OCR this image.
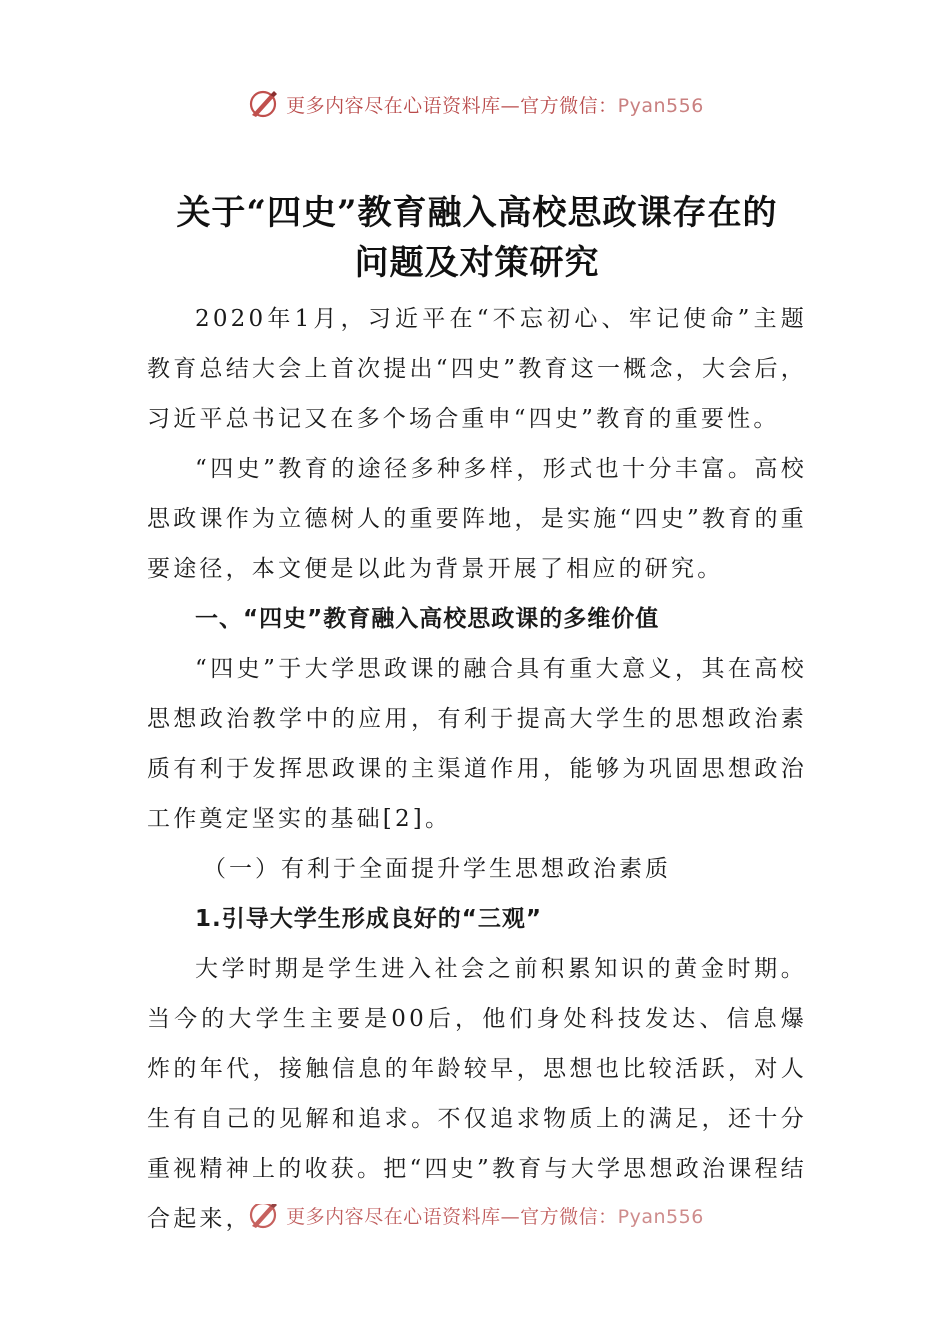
更多内容尽在心语资料库—官方微信：Pyan556
关于“四史”教育融入高校思政课存在的
问题及对策研究

2020年1月，习近平在“不忘初心、牢记使命”主题教育总结大会上首次提出“四史”教育这一概念，大会后，习近平总书记又在多个场合重申“四史”教育的重要性。

“四史”教育的途径多种多样，形式也十分丰富。高校思政课作为立德树人的重要阵地，是实施“四史”教育的重要途径，本文便是以此为背景开展了相应的研究。

一、“四史”教育融入高校思政课的多维价值

“四史”于大学思政课的融合具有重大意义，其在高校思想政治教学中的应用，有利于提高大学生的思想政治素质有利于发挥思政课的主渠道作用，能够为巩固思想政治工作奠定坚实的基础[2]。

（一）有利于全面提升学生思想政治素质

1.引导大学生形成良好的“三观”

大学时期是学生进入社会之前积累知识的黄金时期。当今的大学生主要是00后，他们身处科技发达、信息爆炸的年代，接触信息的年龄较早，思想也比较活跃，对人生有自己的见解和追求。不仅追求物质上的满足，还十分重视精神上的收获。把“四史”教育与大学思想政治课程结合起来，	更多内容尽在心语资料库—官方微信：Pyan556
